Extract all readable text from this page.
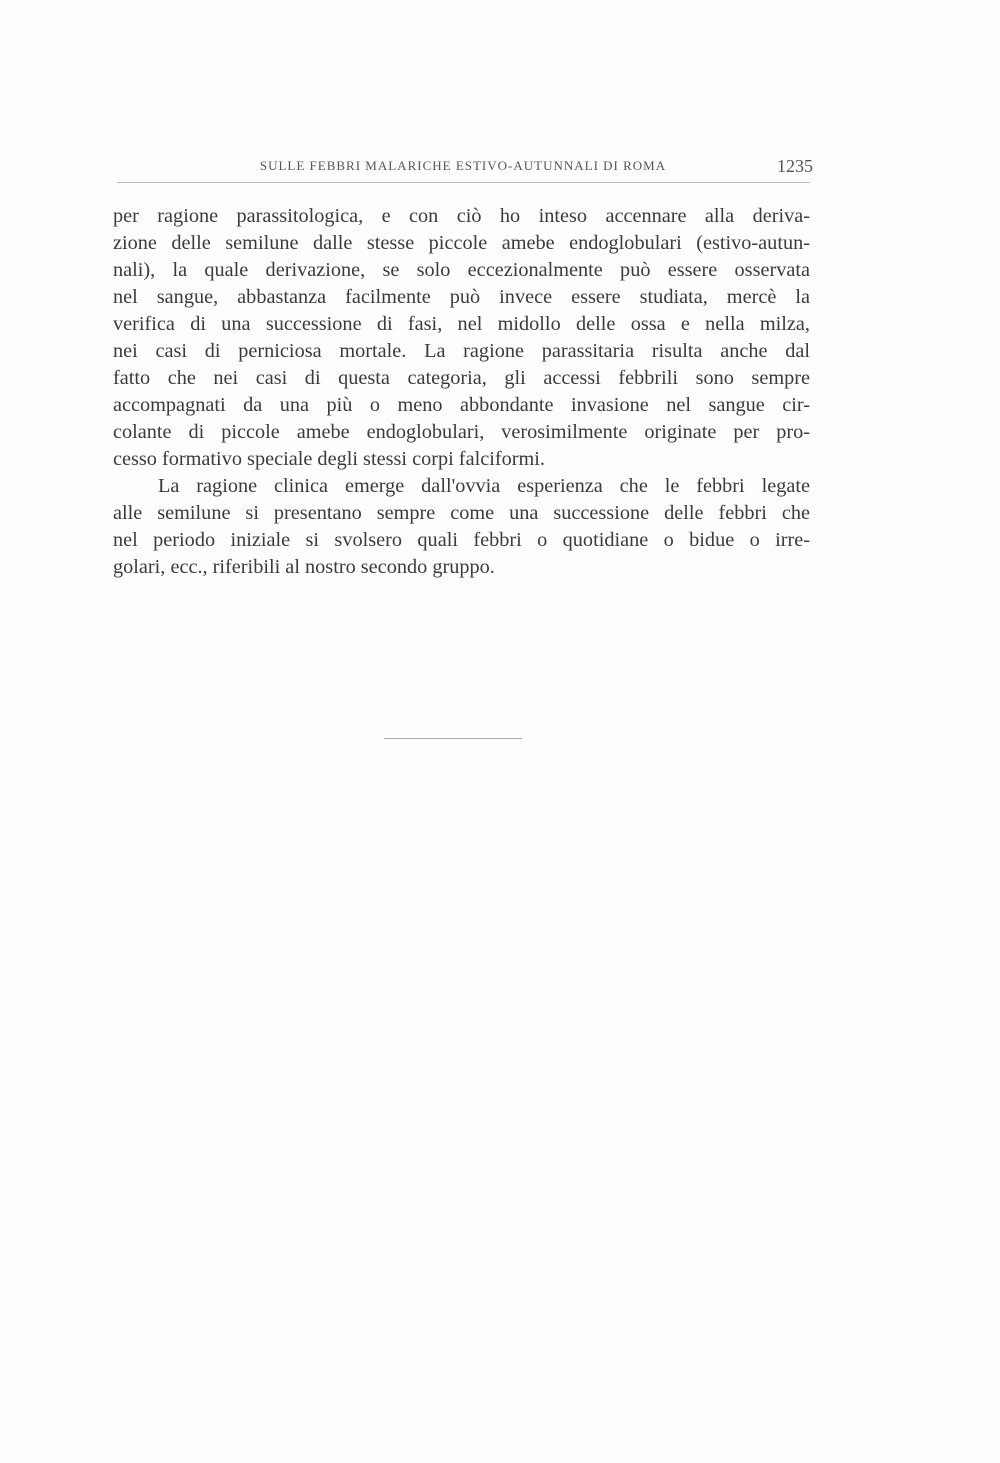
SULLE FEBBRI MALARICHE ESTIVO-AUTUNNALI DI ROMA	1235
per ragione parassitologica, e con ciò ho inteso accennare alla deriva-
zione delle semilune dalle stesse piccole amebe endoglobulari (estivo-autun-
nali), la quale derivazione, se solo eccezionalmente può essere osservata
nel sangue, abbastanza facilmente può invece essere studiata, mercè la
verifica di una successione di fasi, nel midollo delle ossa e nella milza,
nei casi di perniciosa mortale. La ragione parassitaria risulta anche dal
fatto che nei casi di questa categoria, gli accessi febbrili sono sempre
accompagnati da una più o meno abbondante invasione nel sangue cir-
colante di piccole amebe endoglobulari, verosimilmente originate per pro-
cesso formativo speciale degli stessi corpi falciformi.
La ragione clinica emerge dall'ovvia esperienza che le febbri legate
alle semilune si presentano sempre come una successione delle febbri che
nel periodo iniziale si svolsero quali febbri o quotidiane o bidue o irre-
golari, ecc., riferibili al nostro secondo gruppo.
